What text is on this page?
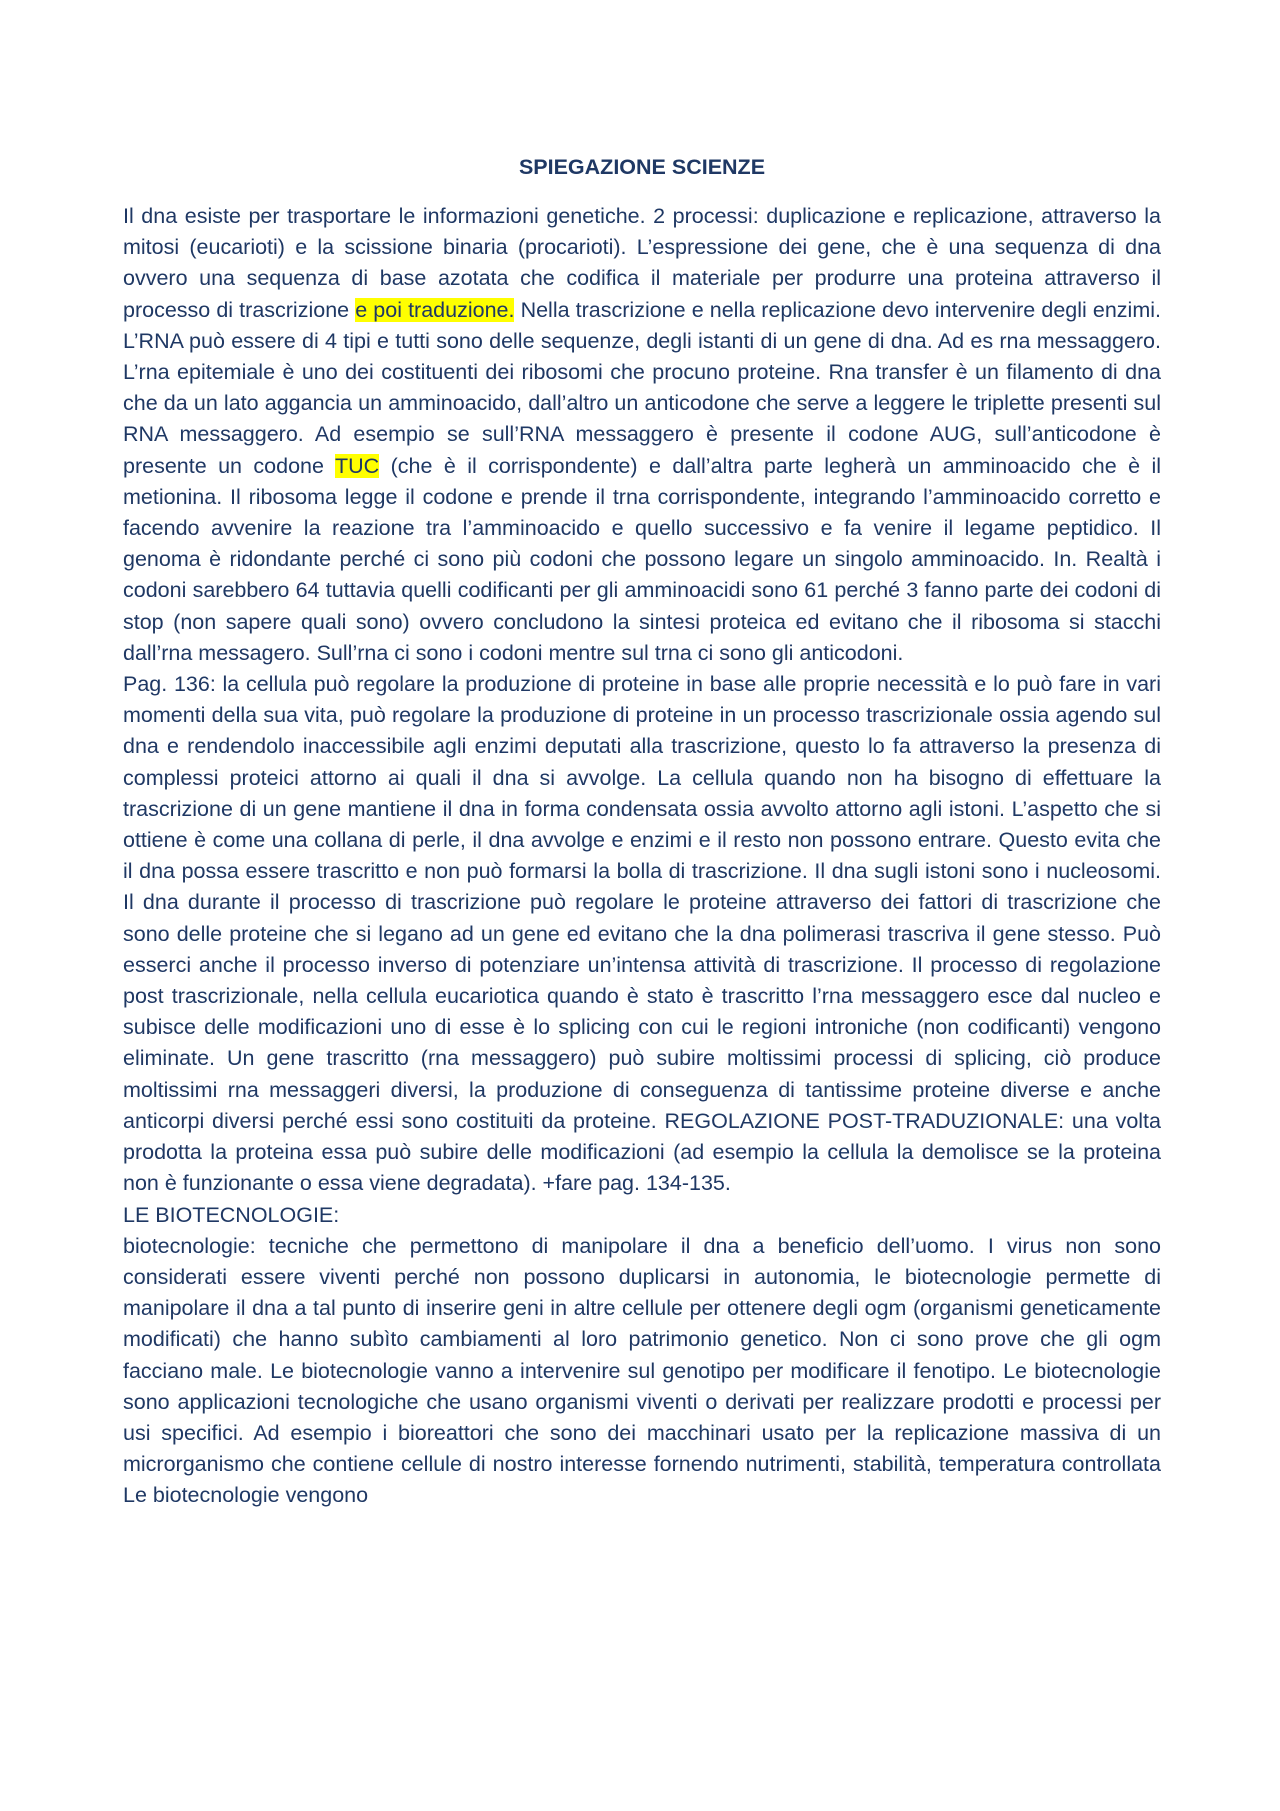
SPIEGAZIONE SCIENZE

Il dna esiste per trasportare le informazioni genetiche. 2 processi: duplicazione e replicazione, attraverso la mitosi (eucarioti) e la scissione binaria (procarioti). L’espressione dei gene, che è una sequenza di dna ovvero una sequenza di base azotata che codifica il materiale per produrre una proteina attraverso il processo di trascrizione e poi traduzione. Nella trascrizione e nella replicazione devo intervenire degli enzimi. L’RNA può essere di 4 tipi e tutti sono delle sequenze, degli istanti di un gene di dna. Ad es rna messaggero. L’rna epitemiale è uno dei costituenti dei ribosomi che procuno proteine. Rna transfer è un filamento di dna che da un lato aggancia un amminoacido, dall’altro un anticodone che serve a leggere le triplette presenti sul RNA messaggero. Ad esempio se sull’RNA messaggero è presente il codone AUG, sull’anticodone è presente un codone TUC (che è il corrispondente) e dall’altra parte legherà un amminoacido che è il metionina. Il ribosoma legge il codone e prende il trna corrispondente, integrando l’amminoacido corretto e facendo avvenire la reazione tra l’amminoacido e quello successivo e fa venire il legame peptidico. Il genoma è ridondante perché ci sono più codoni che possono legare un singolo amminoacido. In. Realtà i codoni sarebbero 64 tuttavia quelli codificanti per gli amminoacidi sono 61 perché 3 fanno parte dei codoni di stop (non sapere quali sono) ovvero concludono la sintesi proteica ed evitano che il ribosoma si stacchi dall’rna messagero. Sull’rna ci sono i codoni mentre sul trna ci sono gli anticodoni.

Pag. 136: la cellula può regolare la produzione di proteine in base alle proprie necessità e lo può fare in vari momenti della sua vita, può regolare la produzione di proteine in un processo trascrizionale ossia agendo sul dna e rendendolo inaccessibile agli enzimi deputati alla trascrizione, questo lo fa attraverso la presenza di complessi proteici attorno ai quali il dna si avvolge. La cellula quando non ha bisogno di effettuare la trascrizione di un gene mantiene il dna in forma condensata ossia avvolto attorno agli istoni. L’aspetto che si ottiene è come una collana di perle, il dna avvolge e enzimi e il resto non possono entrare. Questo evita che il dna possa essere trascritto e non può formarsi la bolla di trascrizione. Il dna sugli istoni sono i nucleosomi. Il dna durante il processo di trascrizione può regolare le proteine attraverso dei fattori di trascrizione che sono delle proteine che si legano ad un gene ed evitano che la dna polimerasi trascriva il gene stesso. Può esserci anche il processo inverso di potenziare un’intensa attività di trascrizione. Il processo di regolazione post trascrizionale, nella cellula eucariotica quando è stato è trascritto l’rna messaggero esce dal nucleo e subisce delle modificazioni uno di esse è lo splicing con cui le regioni introniche (non codificanti) vengono eliminate. Un gene trascritto (rna messaggero) può subire moltissimi processi di splicing, ciò produce moltissimi rna messaggeri diversi, la produzione di conseguenza di tantissime proteine diverse e anche anticorpi diversi perché essi sono costituiti da proteine. REGOLAZIONE POST-TRADUZIONALE: una volta prodotta la proteina essa può subire delle modificazioni (ad esempio la cellula la demolisce se la proteina non è funzionante o essa viene degradata). +fare pag. 134-135.

LE BIOTECNOLOGIE:

biotecnologie: tecniche che permettono di manipolare il dna a beneficio dell’uomo. I virus non sono considerati essere viventi perché non possono duplicarsi in autonomia, le biotecnologie permette di manipolare il dna a tal punto di inserire geni in altre cellule per ottenere degli ogm (organismi geneticamente modificati) che hanno subìto cambiamenti al loro patrimonio genetico. Non ci sono prove che gli ogm facciano male. Le biotecnologie vanno a intervenire sul genotipo per modificare il fenotipo. Le biotecnologie sono applicazioni tecnologiche che usano organismi viventi o derivati per realizzare prodotti e processi per usi specifici. Ad esempio i bioreattori che sono dei macchinari usato per la replicazione massiva di un microrganismo che contiene cellule di nostro interesse fornendo nutrimenti, stabilità, temperatura controllata Le biotecnologie vengono
